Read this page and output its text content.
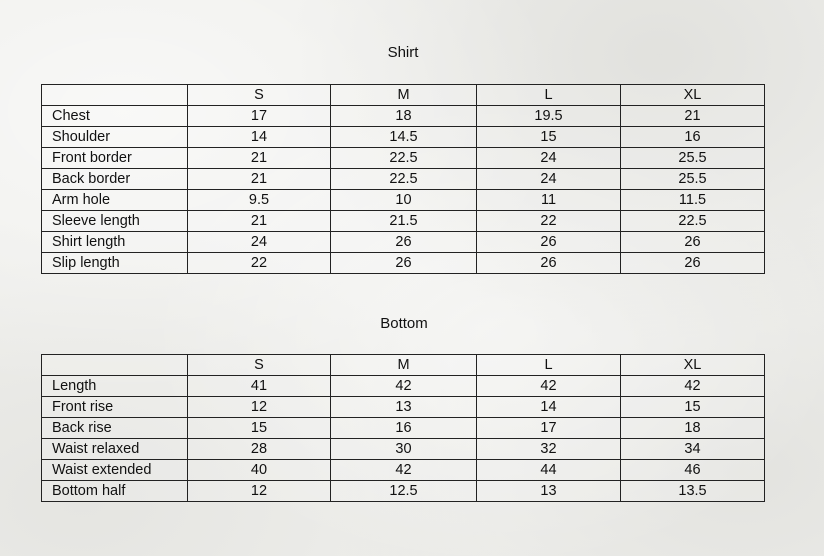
Shirt
	S	M	L	XL
Chest	17	18	19.5	21
Shoulder	14	14.5	15	16
Front border	21	22.5	24	25.5
Back border	21	22.5	24	25.5
Arm hole	9.5	10	11	11.5
Sleeve length	21	21.5	22	22.5
Shirt length	24	26	26	26
Slip length	22	26	26	26
Bottom
	S	M	L	XL
Length	41	42	42	42
Front rise	12	13	14	15
Back rise	15	16	17	18
Waist relaxed	28	30	32	34
Waist extended	40	42	44	46
Bottom half	12	12.5	13	13.5
